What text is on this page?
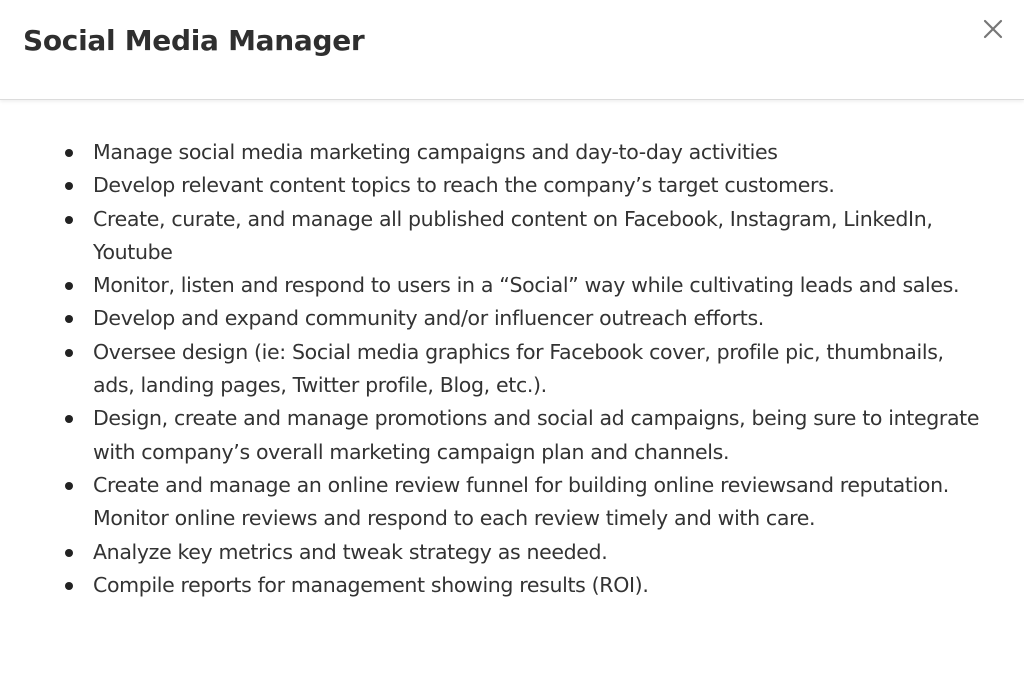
Social Media Manager
Manage social media marketing campaigns and day-to-day activities
Develop relevant content topics to reach the company’s target customers.
Create, curate, and manage all published content on Facebook, Instagram, LinkedIn, Youtube
Monitor, listen and respond to users in a “Social” way while cultivating leads and sales.
Develop and expand community and/or influencer outreach efforts.
Oversee design (ie: Social media graphics for Facebook cover, profile pic, thumbnails, ads, landing pages, Twitter profile, Blog, etc.).
Design, create and manage promotions and social ad campaigns, being sure to integrate with company’s overall marketing campaign plan and channels.
Create and manage an online review funnel for building online reviewsand reputation. Monitor online reviews and respond to each review timely and with care.
Analyze key metrics and tweak strategy as needed.
Compile reports for management showing results (ROI).
